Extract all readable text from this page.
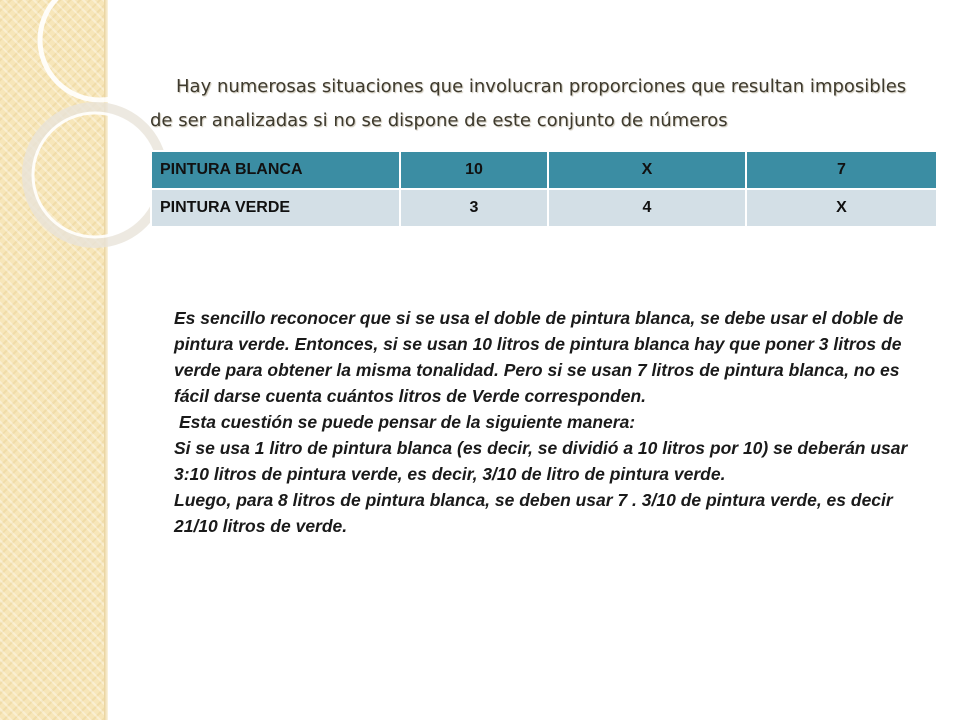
Hay numerosas situaciones que involucran proporciones que resultan imposibles de ser analizadas si no se dispone de este conjunto de números

PINTURA BLANCA	10	X	7
PINTURA VERDE	3	4	X

Es sencillo reconocer que si se usa el doble de pintura blanca, se debe usar el doble de pintura verde. Entonces, si se usan 10 litros de pintura blanca hay que poner 3 litros de verde para obtener la misma tonalidad. Pero si se usan 7 litros de pintura blanca, no es fácil darse cuenta cuántos litros de Verde corresponden.

Esta cuestión se puede pensar de la siguiente manera:

Si se usa 1 litro de pintura blanca (es decir, se dividió a 10 litros por 10) se deberán usar 3:10 litros de pintura verde, es decir, 3/10 de litro de pintura verde.

Luego, para 8 litros de pintura blanca, se deben usar 7 . 3/10 de pintura verde, es decir 21/10 litros de verde.
